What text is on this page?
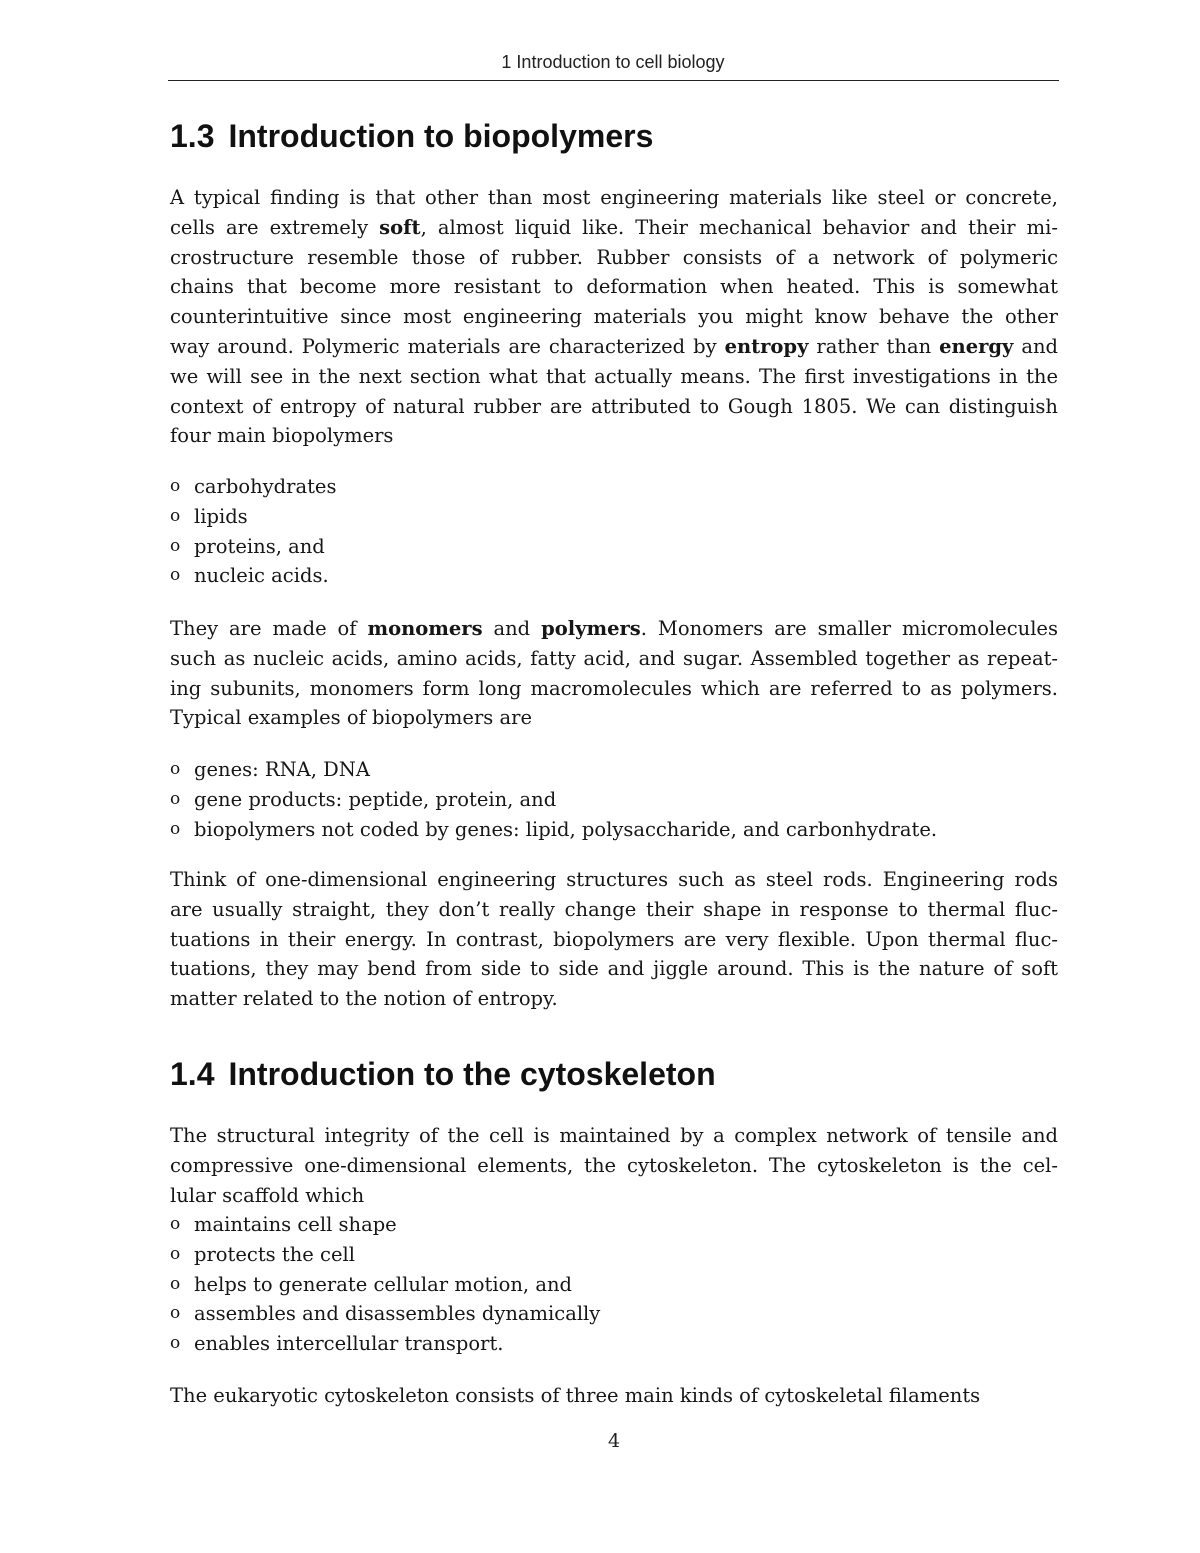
1 Introduction to cell biology
1.3 Introduction to biopolymers

A typical finding is that other than most engineering materials like steel or concrete,
cells are extremely soft, almost liquid like. Their mechanical behavior and their mi-
crostructure resemble those of rubber. Rubber consists of a network of polymeric
chains that become more resistant to deformation when heated. This is somewhat
counterintuitive since most engineering materials you might know behave the other
way around. Polymeric materials are characterized by entropy rather than energy and
we will see in the next section what that actually means. The first investigations in the
context of entropy of natural rubber are attributed to Gough 1805. We can distinguish
four main biopolymers

o carbohydrates
o lipids
o proteins, and
o nucleic acids.

They are made of monomers and polymers. Monomers are smaller micromolecules
such as nucleic acids, amino acids, fatty acid, and sugar. Assembled together as repeat-
ing subunits, monomers form long macromolecules which are referred to as polymers.
Typical examples of biopolymers are

o genes: RNA, DNA
o gene products: peptide, protein, and
o biopolymers not coded by genes: lipid, polysaccharide, and carbonhydrate.

Think of one-dimensional engineering structures such as steel rods. Engineering rods
are usually straight, they don’t really change their shape in response to thermal fluc-
tuations in their energy. In contrast, biopolymers are very flexible. Upon thermal fluc-
tuations, they may bend from side to side and jiggle around. This is the nature of soft
matter related to the notion of entropy.

1.4 Introduction to the cytoskeleton

The structural integrity of the cell is maintained by a complex network of tensile and
compressive one-dimensional elements, the cytoskeleton. The cytoskeleton is the cel-
lular scaffold which

o maintains cell shape
o protects the cell
o helps to generate cellular motion, and
o assembles and disassembles dynamically
o enables intercellular transport.

The eukaryotic cytoskeleton consists of three main kinds of cytoskeletal filaments

4
